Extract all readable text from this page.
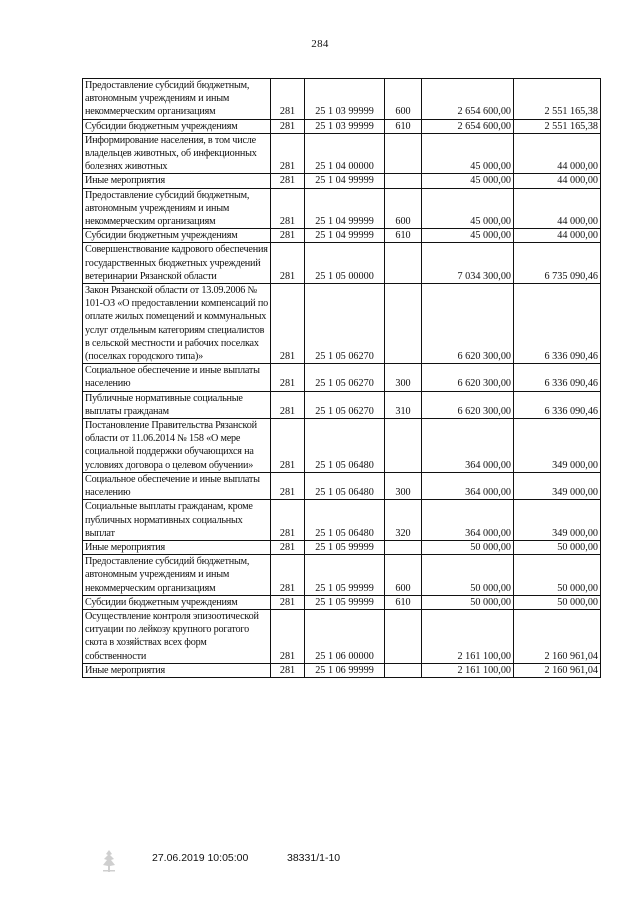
284
Предоставление субсидий бюджетным, автономным учреждениям и иным некоммерческим организациям	281	25 1 03 99999	600	2 654 600,00	2 551 165,38
Субсидии бюджетным учреждениям	281	25 1 03 99999	610	2 654 600,00	2 551 165,38
Информирование населения, в том числе владельцев животных, об инфекционных болезнях животных	281	25 1 04 00000		45 000,00	44 000,00
Иные мероприятия	281	25 1 04 99999		45 000,00	44 000,00
Предоставление субсидий бюджетным, автономным учреждениям и иным некоммерческим организациям	281	25 1 04 99999	600	45 000,00	44 000,00
Субсидии бюджетным учреждениям	281	25 1 04 99999	610	45 000,00	44 000,00
Совершенствование кадрового обеспечения государственных бюджетных учреждений ветеринарии Рязанской области	281	25 1 05 00000		7 034 300,00	6 735 090,46
Закон Рязанской области от 13.09.2006 № 101-ОЗ «О предоставлении компенсаций по оплате жилых помещений и коммунальных услуг отдельным категориям специалистов в сельской местности и рабочих поселках (поселках городского типа)»	281	25 1 05 06270		6 620 300,00	6 336 090,46
Социальное обеспечение и иные выплаты населению	281	25 1 05 06270	300	6 620 300,00	6 336 090,46
Публичные нормативные социальные выплаты гражданам	281	25 1 05 06270	310	6 620 300,00	6 336 090,46
Постановление Правительства Рязанской области от 11.06.2014 № 158 «О мере социальной поддержки обучающихся на условиях договора о целевом обучении»	281	25 1 05 06480		364 000,00	349 000,00
Социальное обеспечение и иные выплаты населению	281	25 1 05 06480	300	364 000,00	349 000,00
Социальные выплаты гражданам, кроме публичных нормативных социальных выплат	281	25 1 05 06480	320	364 000,00	349 000,00
Иные мероприятия	281	25 1 05 99999		50 000,00	50 000,00
Предоставление субсидий бюджетным, автономным учреждениям и иным некоммерческим организациям	281	25 1 05 99999	600	50 000,00	50 000,00
Субсидии бюджетным учреждениям	281	25 1 05 99999	610	50 000,00	50 000,00
Осуществление контроля эпизоотической ситуации по лейкозу крупного рогатого скота в хозяйствах всех форм собственности	281	25 1 06 00000		2 161 100,00	2 160 961,04
Иные мероприятия	281	25 1 06 99999		2 161 100,00	2 160 961,04
27.06.2019 10:05:00	38331/1-10
